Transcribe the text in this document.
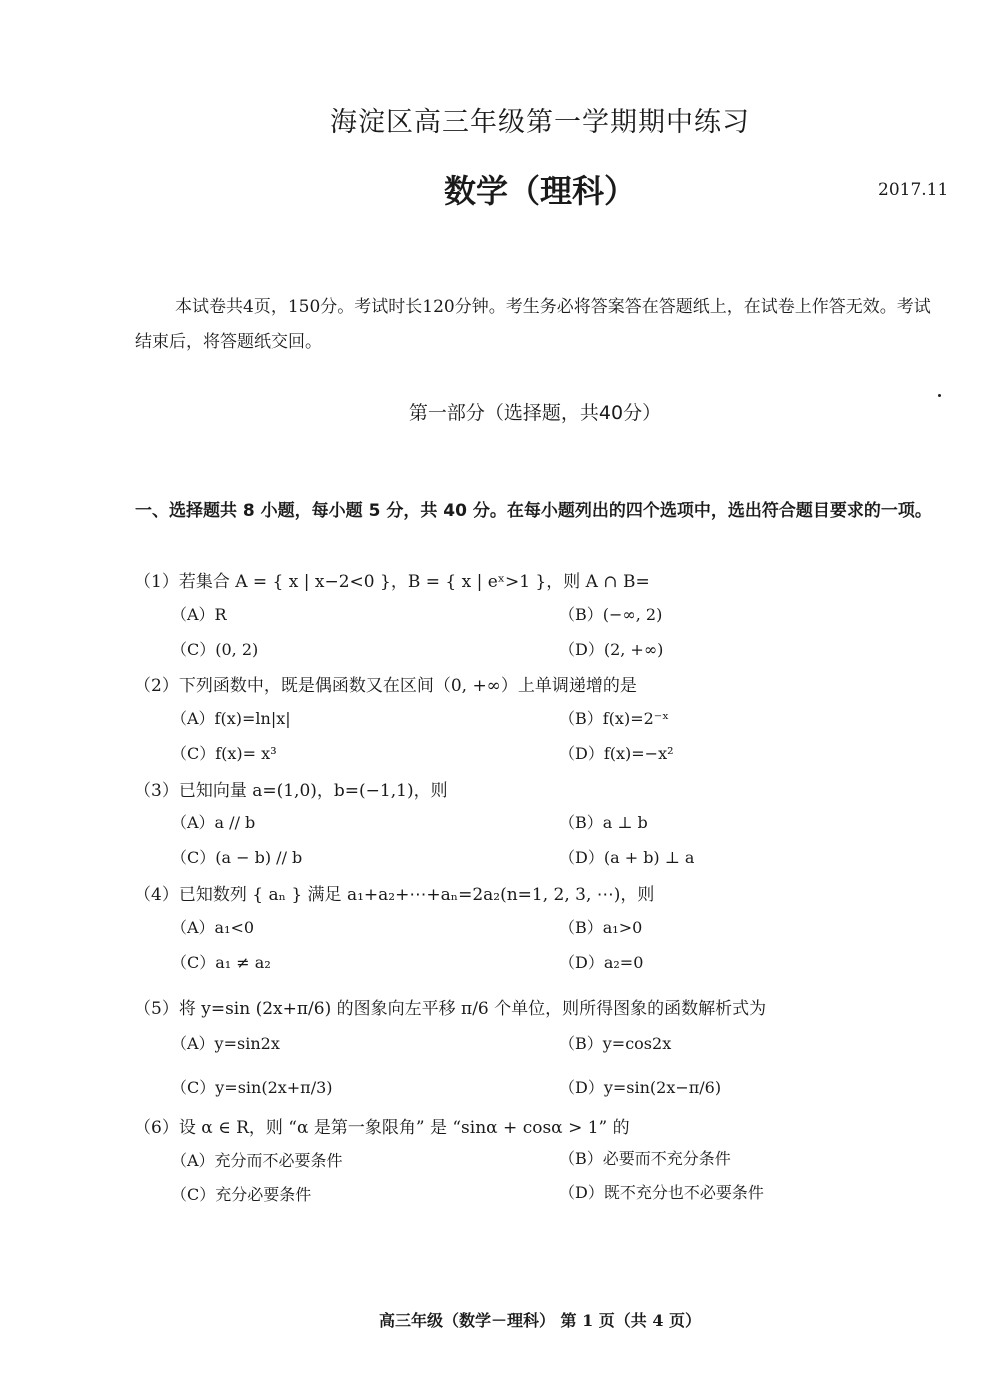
海淀区高三年级第一学期期中练习
数学（理科）	2017.11
本试卷共4页，150分。考试时长120分钟。考生务必将答案答在答题纸上，在试卷上作答无效。考试结束后，将答题纸交回。
第一部分（选择题，共40分）
一、选择题共 8 小题，每小题 5 分，共 40 分。在每小题列出的四个选项中，选出符合题目要求的一项。
（1）若集合 A = { x | x−2<0 }，B = { x | eˣ>1 }，则 A ∩ B=
（A）R	（B）(−∞, 2)
（C）(0, 2)	（D）(2, +∞)
（2）下列函数中，既是偶函数又在区间（0, +∞）上单调递增的是
（A）f(x)=ln|x|	（B）f(x)=2⁻ˣ
（C）f(x)= x³	（D）f(x)=−x²
（3）已知向量 a=(1,0)，b=(−1,1)，则
（A）a // b	（B）a ⊥ b
（C）(a − b) // b	（D）(a + b) ⊥ a
（4）已知数列 { aₙ } 满足 a₁+a₂+⋯+aₙ=2a₂(n=1, 2, 3, ⋯)，则
（A）a₁<0	（B）a₁>0
（C）a₁ ≠ a₂	（D）a₂=0
（5）将 y=sin (2x+π/6) 的图象向左平移 π/6 个单位，则所得图象的函数解析式为
（A）y=sin2x	（B）y=cos2x
（C）y=sin(2x+π/3)	（D）y=sin(2x−π/6)
（6）设 α ∈ R，则 “α 是第一象限角” 是 “sinα + cosα > 1” 的
（A）充分而不必要条件	（B）必要而不充分条件
（C）充分必要条件	（D）既不充分也不必要条件
高三年级（数学－理科） 第 1 页（共 4 页）
